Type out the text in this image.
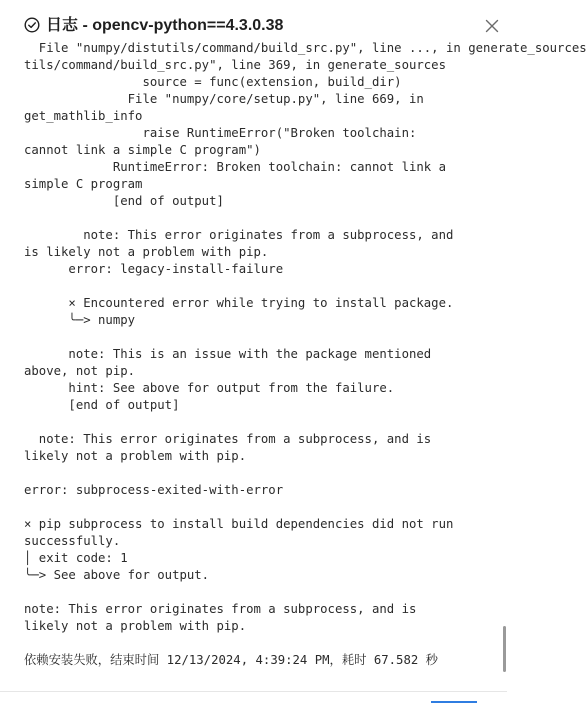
日志 - opencv-python==4.3.0.38
File "numpy/distutils/command/build_src.py", line ..., in generate_sources
tils/command/build_src.py", line 369, in generate_sources
source = func(extension, build_dir)
File "numpy/core/setup.py", line 669, in
get_mathlib_info
raise RuntimeError("Broken toolchain:
cannot link a simple C program")
RuntimeError: Broken toolchain: cannot link a
simple C program
[end of output]
note: This error originates from a subprocess, and
is likely not a problem with pip.
error: legacy-install-failure
× Encountered error while trying to install package.
╰─> numpy
note: This is an issue with the package mentioned
above, not pip.
hint: See above for output from the failure.
[end of output]
note: This error originates from a subprocess, and is
likely not a problem with pip.
error: subprocess-exited-with-error
× pip subprocess to install build dependencies did not run
successfully.
│ exit code: 1
╰─> See above for output.
note: This error originates from a subprocess, and is
likely not a problem with pip.
依赖安装失败，结束时间 12/13/2024, 4:39:24 PM，耗时 67.582 秒
